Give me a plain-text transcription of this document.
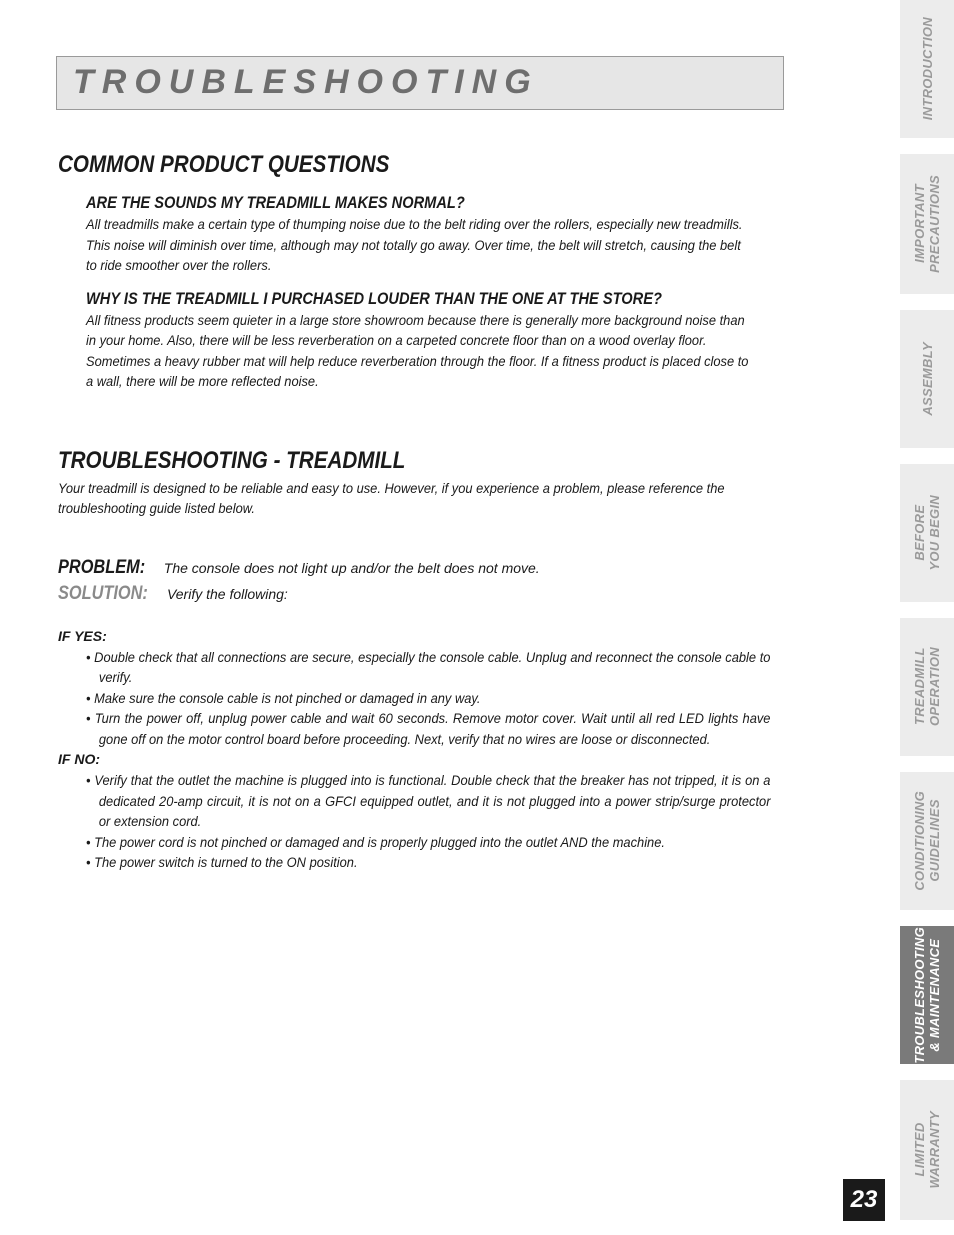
TROUBLESHOOTING
COMMON PRODUCT QUESTIONS

ARE THE SOUNDS MY TREADMILL MAKES NORMAL?

All treadmills make a certain type of thumping noise due to the belt riding over the rollers, especially new treadmills. This noise will diminish over time, although may not totally go away. Over time, the belt will stretch, causing the belt to ride smoother over the rollers.

WHY IS THE TREADMILL I PURCHASED LOUDER THAN THE ONE AT THE STORE?

All fitness products seem quieter in a large store showroom because there is generally more background noise than in your home. Also, there will be less reverberation on a carpeted concrete floor than on a wood overlay floor. Sometimes a heavy rubber mat will help reduce reverberation through the floor. If a fitness product is placed close to a wall, there will be more reflected noise.

TROUBLESHOOTING - TREADMILL

Your treadmill is designed to be reliable and easy to use. However, if you experience a problem, please reference the troubleshooting guide listed below.

PROBLEM: The console does not light up and/or the belt does not move.

SOLUTION: Verify the following:

IF YES:

• Double check that all connections are secure, especially the console cable. Unplug and reconnect the console cable to verify.
• Make sure the console cable is not pinched or damaged in any way.
• Turn the power off, unplug power cable and wait 60 seconds. Remove motor cover. Wait until all red LED lights have gone off on the motor control board before proceeding. Next, verify that no wires are loose or disconnected.

IF NO:

• Verify that the outlet the machine is plugged into is functional. Double check that the breaker has not tripped, it is on a dedicated 20-amp circuit, it is not on a GFCI equipped outlet, and it is not plugged into a power strip/surge protector or extension cord.
• The power cord is not pinched or damaged and is properly plugged into the outlet AND the machine.
• The power switch is turned to the ON position.
INTRODUCTION
IMPORTANT
PRECAUTIONS
ASSEMBLY
BEFORE
YOU BEGIN
TREADMILL
OPERATION
CONDITIONING
GUIDELINES
TROUBLESHOOTING
& MAINTENANCE
LIMITED
WARRANTY
23
